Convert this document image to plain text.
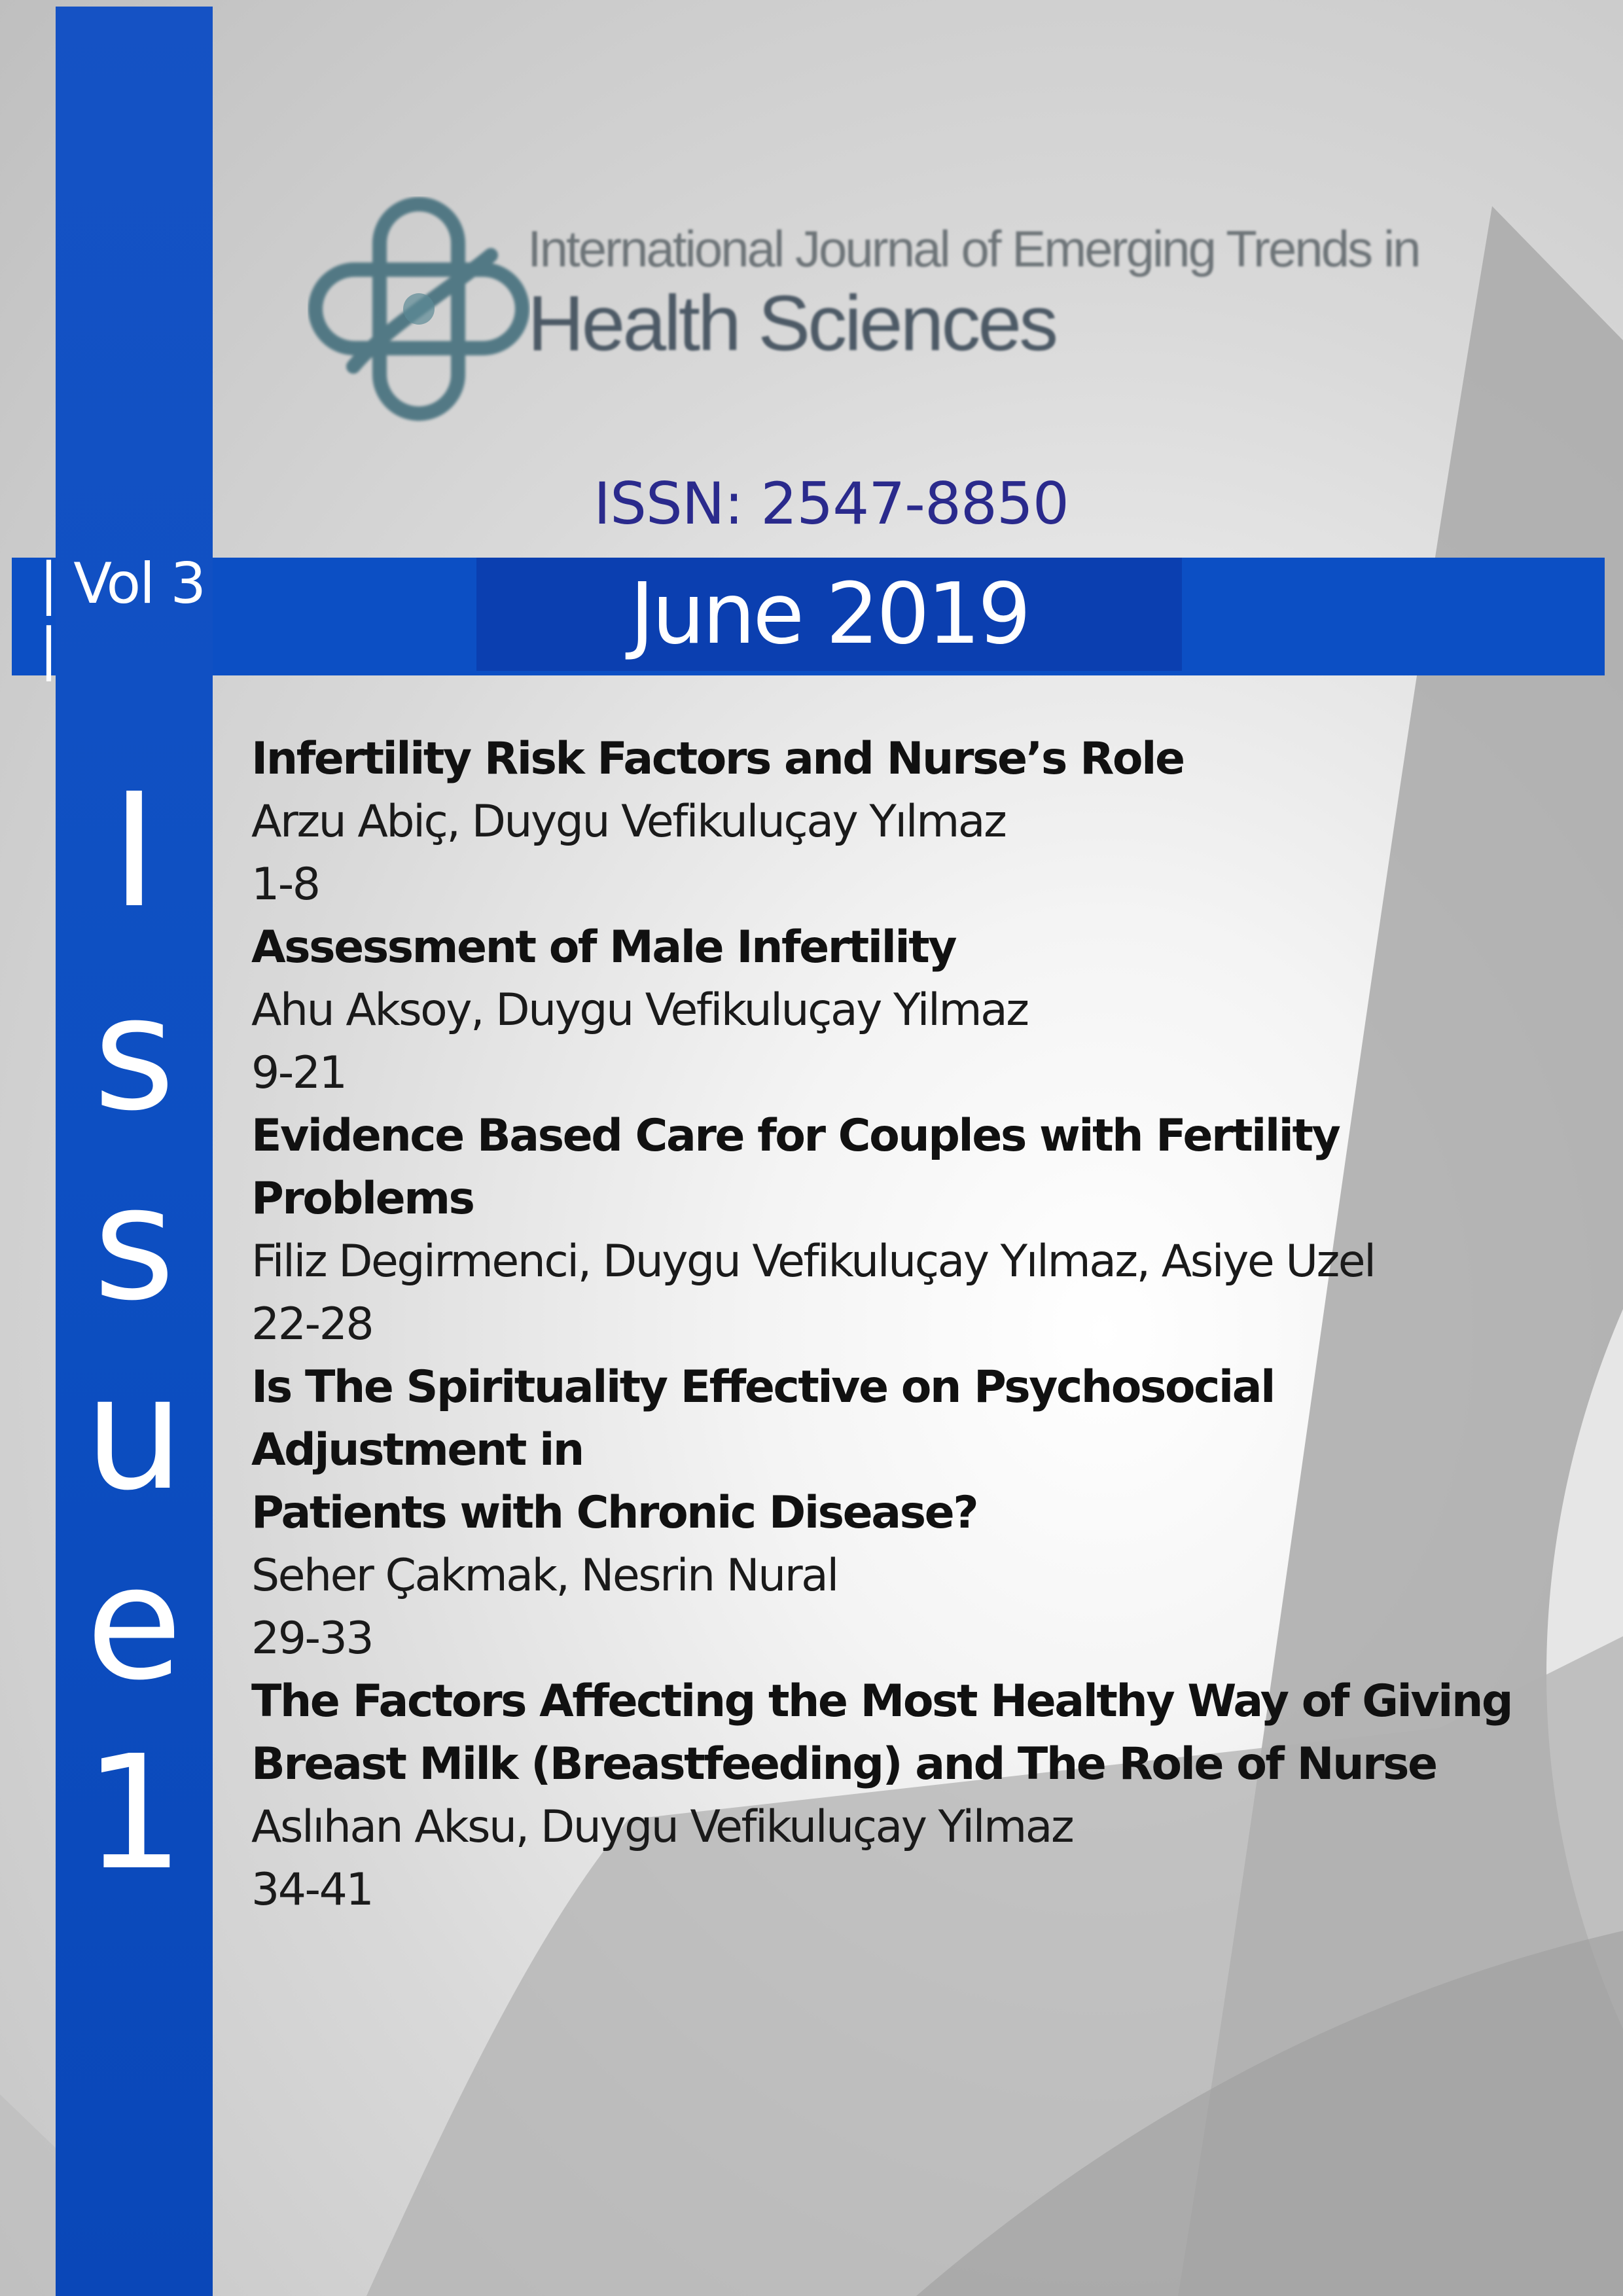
International Journal of Emerging Trends in
Health Sciences
ISSN: 2547-8850
| Vol 3 |	June 2019
I
s
s
u
e
1
Infertility Risk Factors and Nurse’s Role
Arzu Abiç, Duygu Vefikuluçay Yılmaz
1-8
Assessment of Male Infertility
Ahu Aksoy, Duygu Vefikuluçay Yilmaz
9-21
Evidence Based Care for Couples with Fertility Problems
Filiz Degirmenci, Duygu Vefikuluçay Yılmaz, Asiye Uzel
22-28
Is The Spirituality Effective on Psychosocial Adjustment in
Patients with Chronic Disease?
Seher Çakmak, Nesrin Nural
29-33
The Factors Affecting the Most Healthy Way of Giving
Breast Milk (Breastfeeding) and The Role of Nurse
Aslıhan Aksu, Duygu Vefikuluçay Yilmaz
34-41
